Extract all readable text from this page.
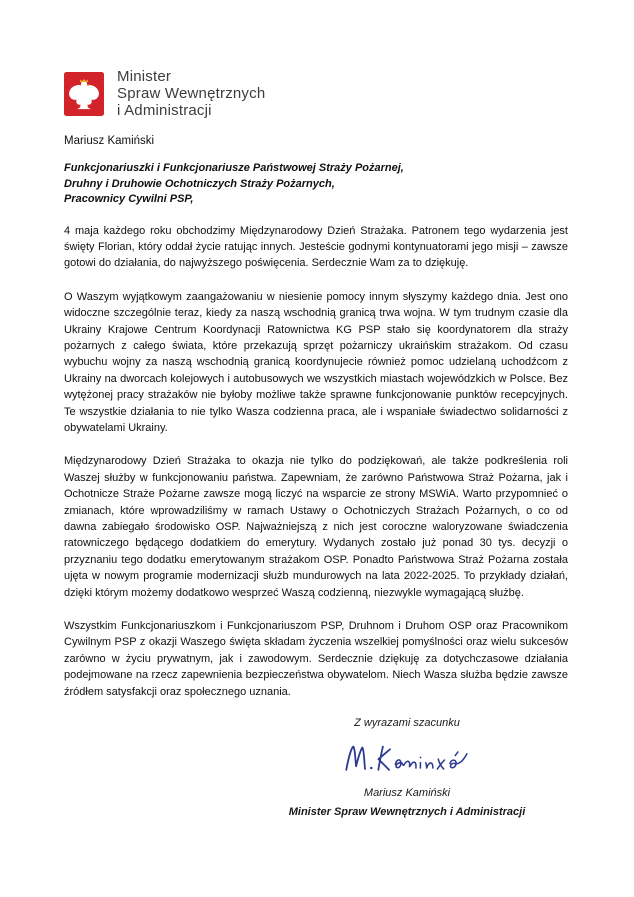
Minister
Spraw Wewnętrznych
i Administracji
Mariusz Kamiński
Funkcjonariuszki i Funkcjonariusze Państwowej Straży Pożarnej,
Druhny i Druhowie Ochotniczych Straży Pożarnych,
Pracownicy Cywilni PSP,

4 maja każdego roku obchodzimy Międzynarodowy Dzień Strażaka. Patronem tego wydarzenia jest święty Florian, który oddał życie ratując innych. Jesteście godnymi kontynuatorami jego misji – zawsze gotowi do działania, do najwyższego poświęcenia. Serdecznie Wam za to dziękuję.

O Waszym wyjątkowym zaangażowaniu w niesienie pomocy innym słyszymy każdego dnia. Jest ono widoczne szczególnie teraz, kiedy za naszą wschodnią granicą trwa wojna. W tym trudnym czasie dla Ukrainy Krajowe Centrum Koordynacji Ratownictwa KG PSP stało się koordynatorem dla straży pożarnych z całego świata, które przekazują sprzęt pożarniczy ukraińskim strażakom. Od czasu wybuchu wojny za naszą wschodnią granicą koordynujecie również pomoc udzielaną uchodźcom z Ukrainy na dworcach kolejowych i autobusowych we wszystkich miastach wojewódzkich w Polsce. Bez wytężonej pracy strażaków nie byłoby możliwe także sprawne funkcjonowanie punktów recepcyjnych. Te wszystkie działania to nie tylko Wasza codzienna praca, ale i wspaniałe świadectwo solidarności z obywatelami Ukrainy.

Międzynarodowy Dzień Strażaka to okazja nie tylko do podziękowań, ale także podkreślenia roli Waszej służby w funkcjonowaniu państwa. Zapewniam, że zarówno Państwowa Straż Pożarna, jak i Ochotnicze Straże Pożarne zawsze mogą liczyć na wsparcie ze strony MSWiA. Warto przypomnieć o zmianach, które wprowadziliśmy w ramach Ustawy o Ochotniczych Strażach Pożarnych, o co od dawna zabiegało środowisko OSP. Najważniejszą z nich jest coroczne waloryzowane świadczenia ratowniczego będącego dodatkiem do emerytury. Wydanych zostało już ponad 30 tys. decyzji o przyznaniu tego dodatku emerytowanym strażakom OSP. Ponadto Państwowa Straż Pożarna została ujęta w nowym programie modernizacji służb mundurowych na lata 2022-2025. To przykłady działań, dzięki którym możemy dodatkowo wesprzeć Waszą codzienną, niezwykle wymagającą służbę.

Wszystkim Funkcjonariuszkom i Funkcjonariuszom PSP, Druhnom i Druhom OSP oraz Pracownikom Cywilnym PSP z okazji Waszego święta składam życzenia wszelkiej pomyślności oraz wielu sukcesów zarówno w życiu prywatnym, jak i zawodowym. Serdecznie dziękuję za dotychczasowe działania podejmowane na rzecz zapewnienia bezpieczeństwa obywatelom. Niech Wasza służba będzie zawsze źródłem satysfakcji oraz społecznego uznania.

Z wyrazami szacunku
Mariusz Kamiński
Minister Spraw Wewnętrznych i Administracji
